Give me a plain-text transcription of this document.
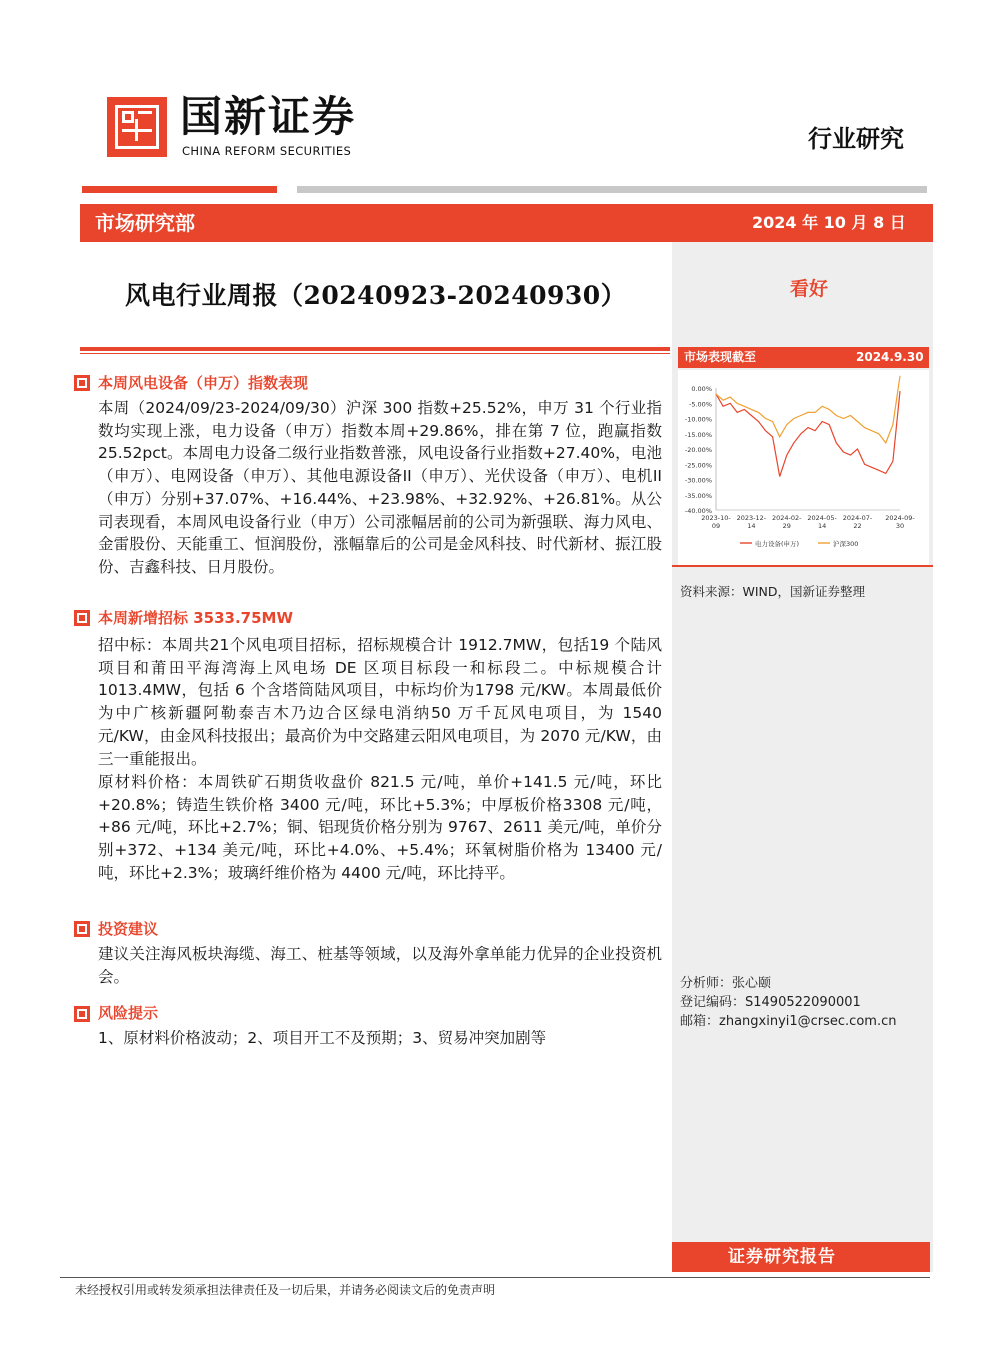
国新证券
CHINA REFORM SECURITIES	行业研究
市场研究部	2024 年 10 月 8 日
风电行业周报（20240923-20240930）	看好
本周风电设备（申万）指数表现
本周（2024/09/23-2024/09/30）沪深 300 指数+25.52%，申万 31 个行业指数均实现上涨，电力设备（申万）指数本周+29.86%，排在第 7 位，跑赢指数 25.52pct。本周电力设备二级行业指数普涨，风电设备行业指数+27.40%，电池（申万）、电网设备（申万）、其他电源设备II（申万）、光伏设备（申万）、电机II（申万）分别+37.07%、+16.44%、+23.98%、+32.92%、+26.81%。从公司表现看，本周风电设备行业（申万）公司涨幅居前的公司为新强联、海力风电、金雷股份、天能重工、恒润股份，涨幅靠后的公司是金风科技、时代新材、振江股份、吉鑫科技、日月股份。
本周新增招标 3533.75MW
招中标：本周共21个风电项目招标，招标规模合计 1912.7MW，包括19 个陆风项目和莆田平海湾海上风电场 DE 区项目标段一和标段二。中标规模合计 1013.4MW，包括 6 个含塔筒陆风项目，中标均价为1798 元/KW。本周最低价为中广核新疆阿勒泰吉木乃边合区绿电消纳50 万千瓦风电项目，为 1540 元/KW，由金风科技报出；最高价为中交路建云阳风电项目，为 2070 元/KW，由三一重能报出。
原材料价格：本周铁矿石期货收盘价 821.5 元/吨，单价+141.5 元/吨，环比+20.8%；铸造生铁价格 3400 元/吨，环比+5.3%；中厚板价格3308 元/吨，+86 元/吨，环比+2.7%；铜、铝现货价格分别为 9767、2611 美元/吨，单价分别+372、+134 美元/吨，环比+4.0%、+5.4%；环氧树脂价格为 13400 元/吨，环比+2.3%；玻璃纤维价格为 4400 元/吨，环比持平。
投资建议
建议关注海风板块海缆、海工、桩基等领域，以及海外拿单能力优异的企业投资机会。
风险提示
1、原材料价格波动；2、项目开工不及预期；3、贸易冲突加剧等
市场表现截至	2024.9.30
0.00%
-5.00%
-10.00%
-15.00%
-20.00%
-25.00%
-30.00%
-35.00%
-40.00%
2023-10-
09
2023-12-
14
2024-02-
29
2024-05-
14
2024-07-
22
2024-09-
30
电力设备(申万)	沪深300
资料来源：WIND，国新证券整理
分析师：张心颐
登记编码：S1490522090001
邮箱：zhangxinyi1@crsec.com.cn
证券研究报告
未经授权引用或转发须承担法律责任及一切后果，并请务必阅读文后的免责声明
